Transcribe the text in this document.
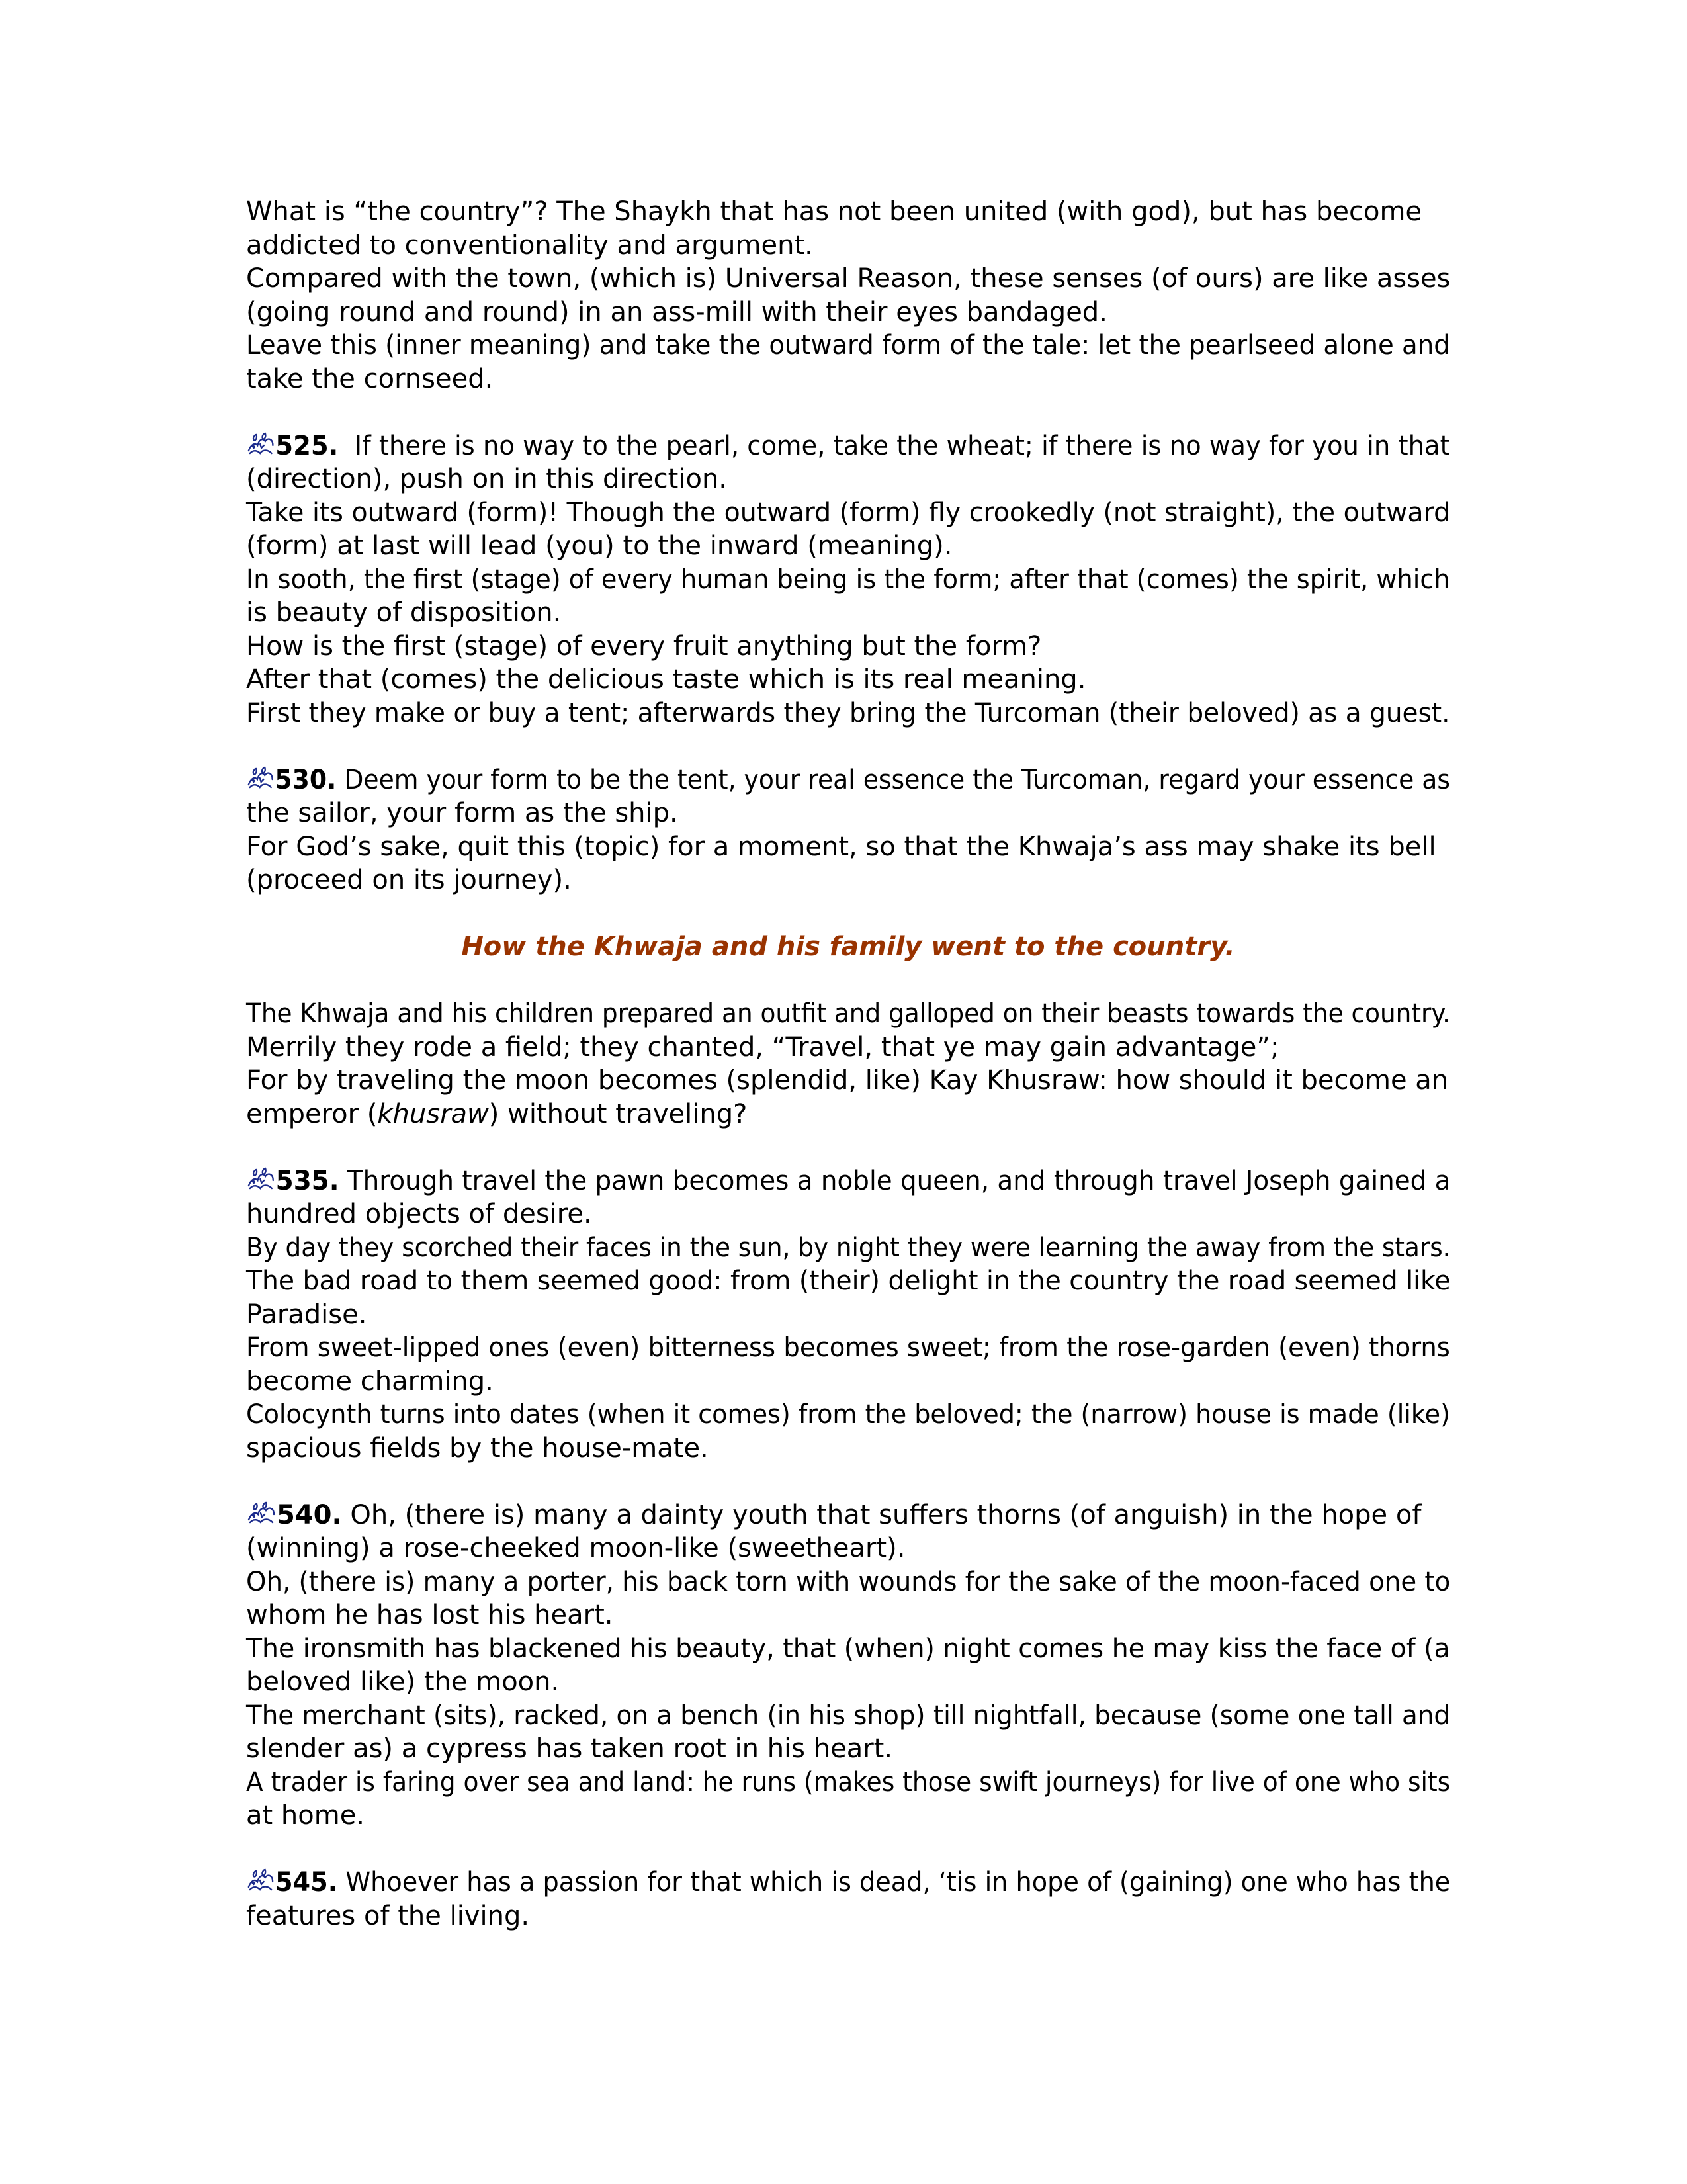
What is “the country”? The Shaykh that has not been united (with god), but has become
addicted to conventionality and argument.
Compared with the town, (which is) Universal Reason, these senses (of ours) are like asses
(going round and round) in an ass-mill with their eyes bandaged.
Leave this (inner meaning) and take the outward form of the tale: let the pearlseed alone and
take the cornseed.
525.  If there is no way to the pearl, come, take the wheat; if there is no way for you in that
(direction), push on in this direction.
Take its outward (form)! Though the outward (form) fly crookedly (not straight), the outward
(form) at last will lead (you) to the inward (meaning).
In sooth, the first (stage) of every human being is the form; after that (comes) the spirit, which
is beauty of disposition.
How is the first (stage) of every fruit anything but the form?
After that (comes) the delicious taste which is its real meaning.
First they make or buy a tent; afterwards they bring the Turcoman (their beloved) as a guest.
530. Deem your form to be the tent, your real essence the Turcoman, regard your essence as
the sailor, your form as the ship.
For God’s sake, quit this (topic) for a moment, so that the Khwaja’s ass may shake its bell
(proceed on its journey).
How the Khwaja and his family went to the country.
The Khwaja and his children prepared an outfit and galloped on their beasts towards the country.
Merrily they rode a field; they chanted, “Travel, that ye may gain advantage”;
For by traveling the moon becomes (splendid, like) Kay Khusraw: how should it become an
emperor (khusraw) without traveling?
535. Through travel the pawn becomes a noble queen, and through travel Joseph gained a
hundred objects of desire.
By day they scorched their faces in the sun, by night they were learning the away from the stars.
The bad road to them seemed good: from (their) delight in the country the road seemed like
Paradise.
From sweet-lipped ones (even) bitterness becomes sweet; from the rose-garden (even) thorns
become charming.
Colocynth turns into dates (when it comes) from the beloved; the (narrow) house is made (like)
spacious fields by the house-mate.
540. Oh, (there is) many a dainty youth that suffers thorns (of anguish) in the hope of
(winning) a rose-cheeked moon-like (sweetheart).
Oh, (there is) many a porter, his back torn with wounds for the sake of the moon-faced one to
whom he has lost his heart.
The ironsmith has blackened his beauty, that (when) night comes he may kiss the face of (a
beloved like) the moon.
The merchant (sits), racked, on a bench (in his shop) till nightfall, because (some one tall and
slender as) a cypress has taken root in his heart.
A trader is faring over sea and land: he runs (makes those swift journeys) for live of one who sits
at home.
545. Whoever has a passion for that which is dead, ‘tis in hope of (gaining) one who has the
features of the living.
